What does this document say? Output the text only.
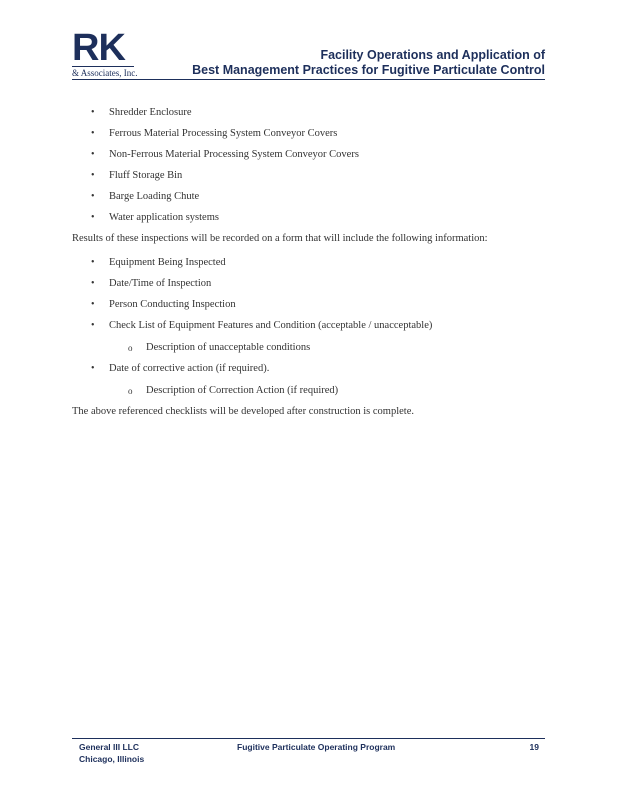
RK
& Associates, Inc.
Facility Operations and Application of
Best Management Practices for Fugitive Particulate Control
• Shredder Enclosure
• Ferrous Material Processing System Conveyor Covers
• Non-Ferrous Material Processing System Conveyor Covers
• Fluff Storage Bin
• Barge Loading Chute
• Water application systems

Results of these inspections will be recorded on a form that will include the following information:

• Equipment Being Inspected
• Date/Time of Inspection
• Person Conducting Inspection
• Check List of Equipment Features and Condition (acceptable / unacceptable)
o Description of unacceptable conditions
• Date of corrective action (if required).
o Description of Correction Action (if required)

The above referenced checklists will be developed after construction is complete.

General III LLC
Chicago, Illinois
Fugitive Particulate Operating Program	19
